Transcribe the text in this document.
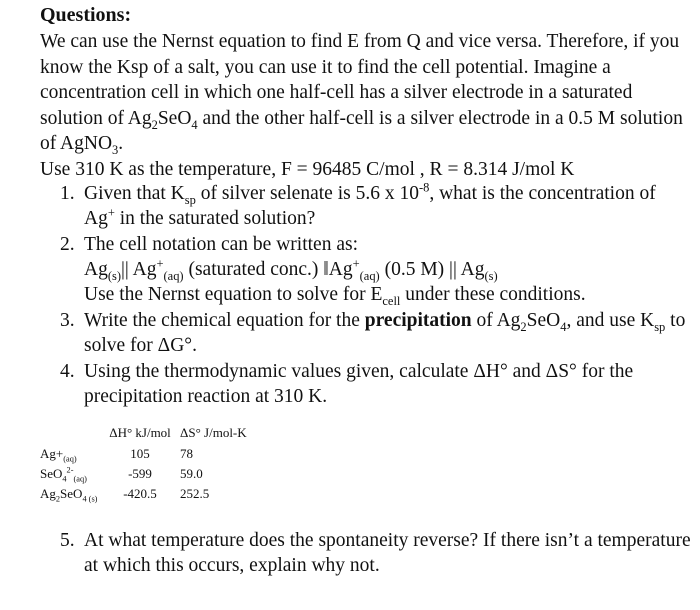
Questions:

We can use the Nernst equation to find E from Q and vice versa. Therefore, if you know the Ksp of a salt, you can use it to find the cell potential. Imagine a concentration cell in which one half-cell has a silver electrode in a saturated solution of $Ag_2SeO_4$ and the other half-cell is a silver electrode in a 0.5 M solution of AgNO$_3$.

Use 310 K as the temperature, F = 96485 C/mol , R = 8.314 J/mol K

1. Given that $K_{sp}$ of silver selenate is 5.6 x $10^{-8}$, what is the concentration of Ag+ in the saturated solution?
2. The cell notation can be written as:
$Ag_{(s)}||$ $Ag^+_{(aq)}$ (saturated conc.) $‖Ag^+_{(aq)}$ (0.5 M) || $Ag_{(s)}$
Use the Nernst equation to solve for $E_{cell}$ under these conditions.
3. Write the chemical equation for the precipitation of $Ag_2SeO_4$, and use $K_{sp}$ to solve for ΔG°.
4. Using the thermodynamic values given, calculate ΔH° and ΔS° for the precipitation reaction at 310 K.
	ΔH° kJ/mol	ΔS° J/mol-K
$Ag+_{(aq)}$	105	78
SeO$_4^{2-}_{(aq)}$	-599	59.0
$Ag_2SeO_{4 (s)}$	-420.5	252.5
5. At what temperature does the spontaneity reverse? If there isn’t a temperature at which this occurs, explain why not.
